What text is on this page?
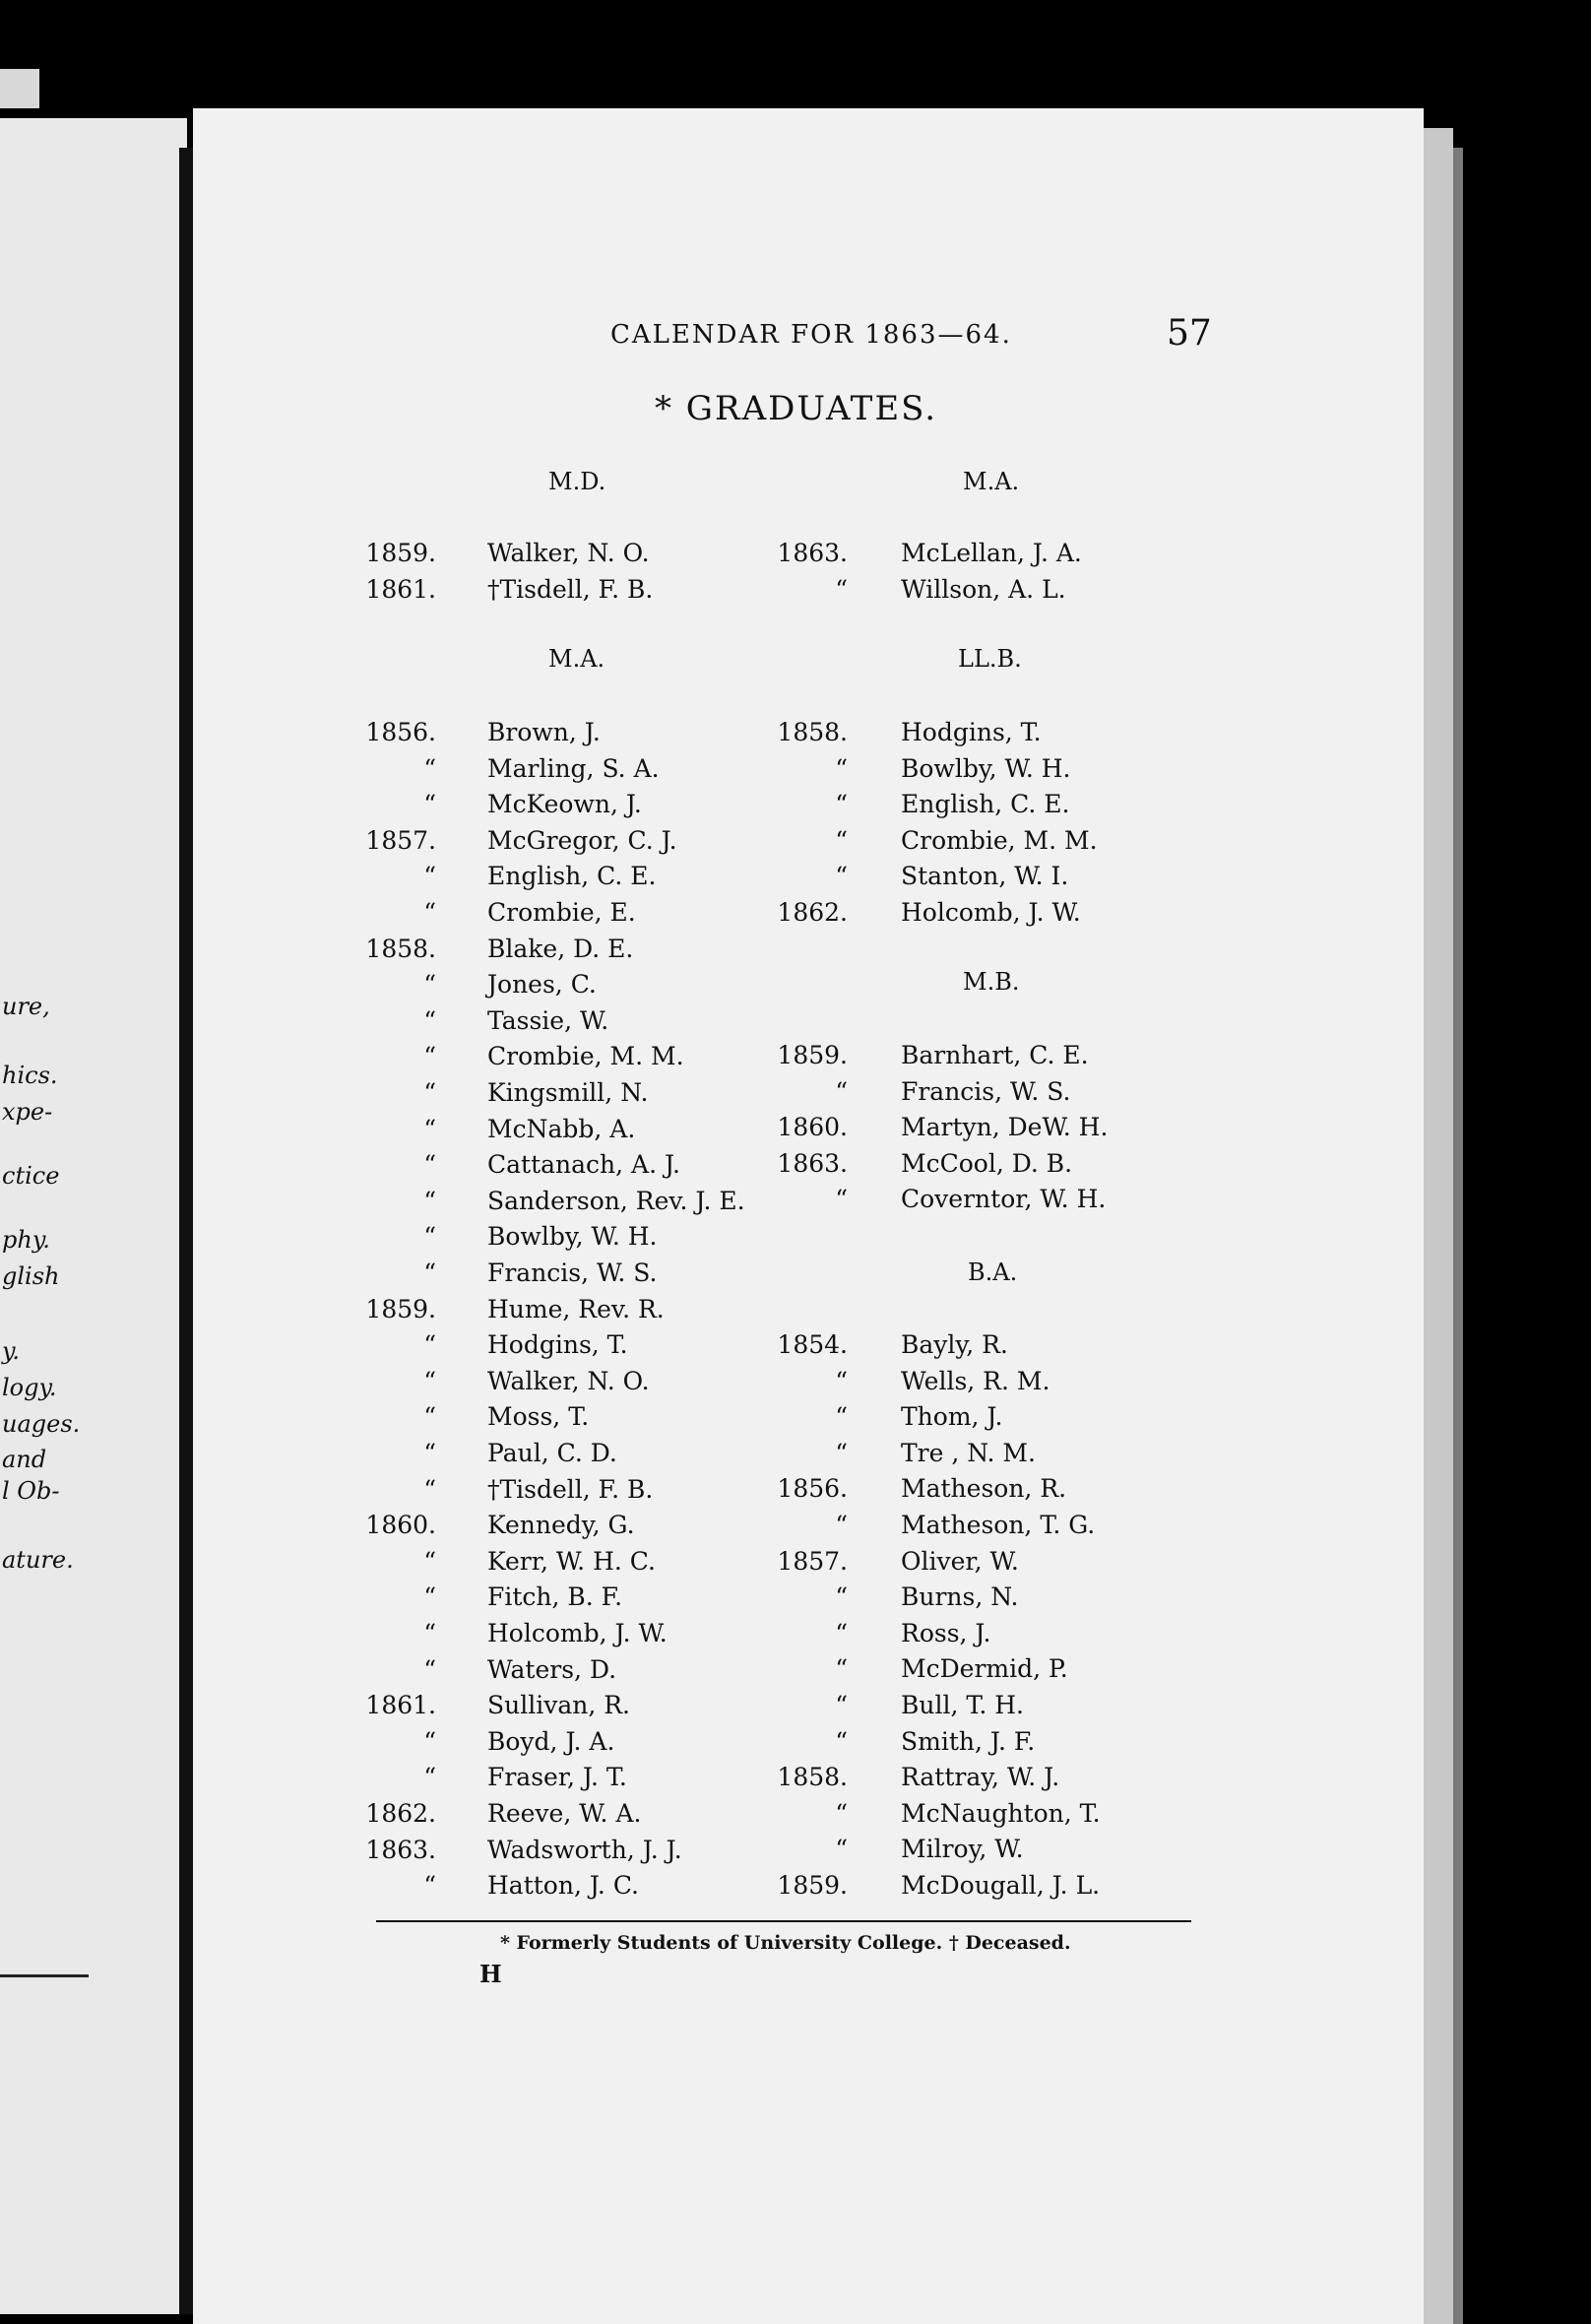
ure,
hics.
xpe-
ctice
phy.
glish
y.
logy.
uages.
and
l Ob-
ature.
CALENDAR FOR 1863—64.	57
* GRADUATES.
M.D.	M.A.
M.A.	LL.B.
M.B.
B.A.
1859. Walker, N. O.
1861. †Tisdell, F. B.
1856. Brown, J.
“ Marling, S. A.
“ McKeown, J.
1857. McGregor, C. J.
“ English, C. E.
“ Crombie, E.
1858. Blake, D. E.
“ Jones, C.
“ Tassie, W.
“ Crombie, M. M.
“ Kingsmill, N.
“ McNabb, A.
“ Cattanach, A. J.
“ Sanderson, Rev. J. E.
“ Bowlby, W. H.
“ Francis, W. S.
1859. Hume, Rev. R.
“ Hodgins, T.
“ Walker, N. O.
“ Moss, T.
“ Paul, C. D.
“ †Tisdell, F. B.
1860. Kennedy, G.
“ Kerr, W. H. C.
“ Fitch, B. F.
“ Holcomb, J. W.
“ Waters, D.
1861. Sullivan, R.
“ Boyd, J. A.
“ Fraser, J. T.
1862. Reeve, W. A.
1863. Wadsworth, J. J.
“ Hatton, J. C.
1863. McLellan, J. A.
“ Willson, A. L.
1858. Hodgins, T.
“ Bowlby, W. H.
“ English, C. E.
“ Crombie, M. M.
“ Stanton, W. I.
1862. Holcomb, J. W.
1859. Barnhart, C. E.
“ Francis, W. S.
1860. Martyn, DeW. H.
1863. McCool, D. B.
“ Coverntor, W. H.
1854. Bayly, R.
“ Wells, R. M.
“ Thom, J.
“ Tre , N. M.
1856. Matheson, R.
“ Matheson, T. G.
1857. Oliver, W.
“ Burns, N.
“ Ross, J.
“ McDermid, P.
“ Bull, T. H.
“ Smith, J. F.
1858. Rattray, W. J.
“ McNaughton, T.
“ Milroy, W.
1859. McDougall, J. L.
* Formerly Students of University College. † Deceased.
H
